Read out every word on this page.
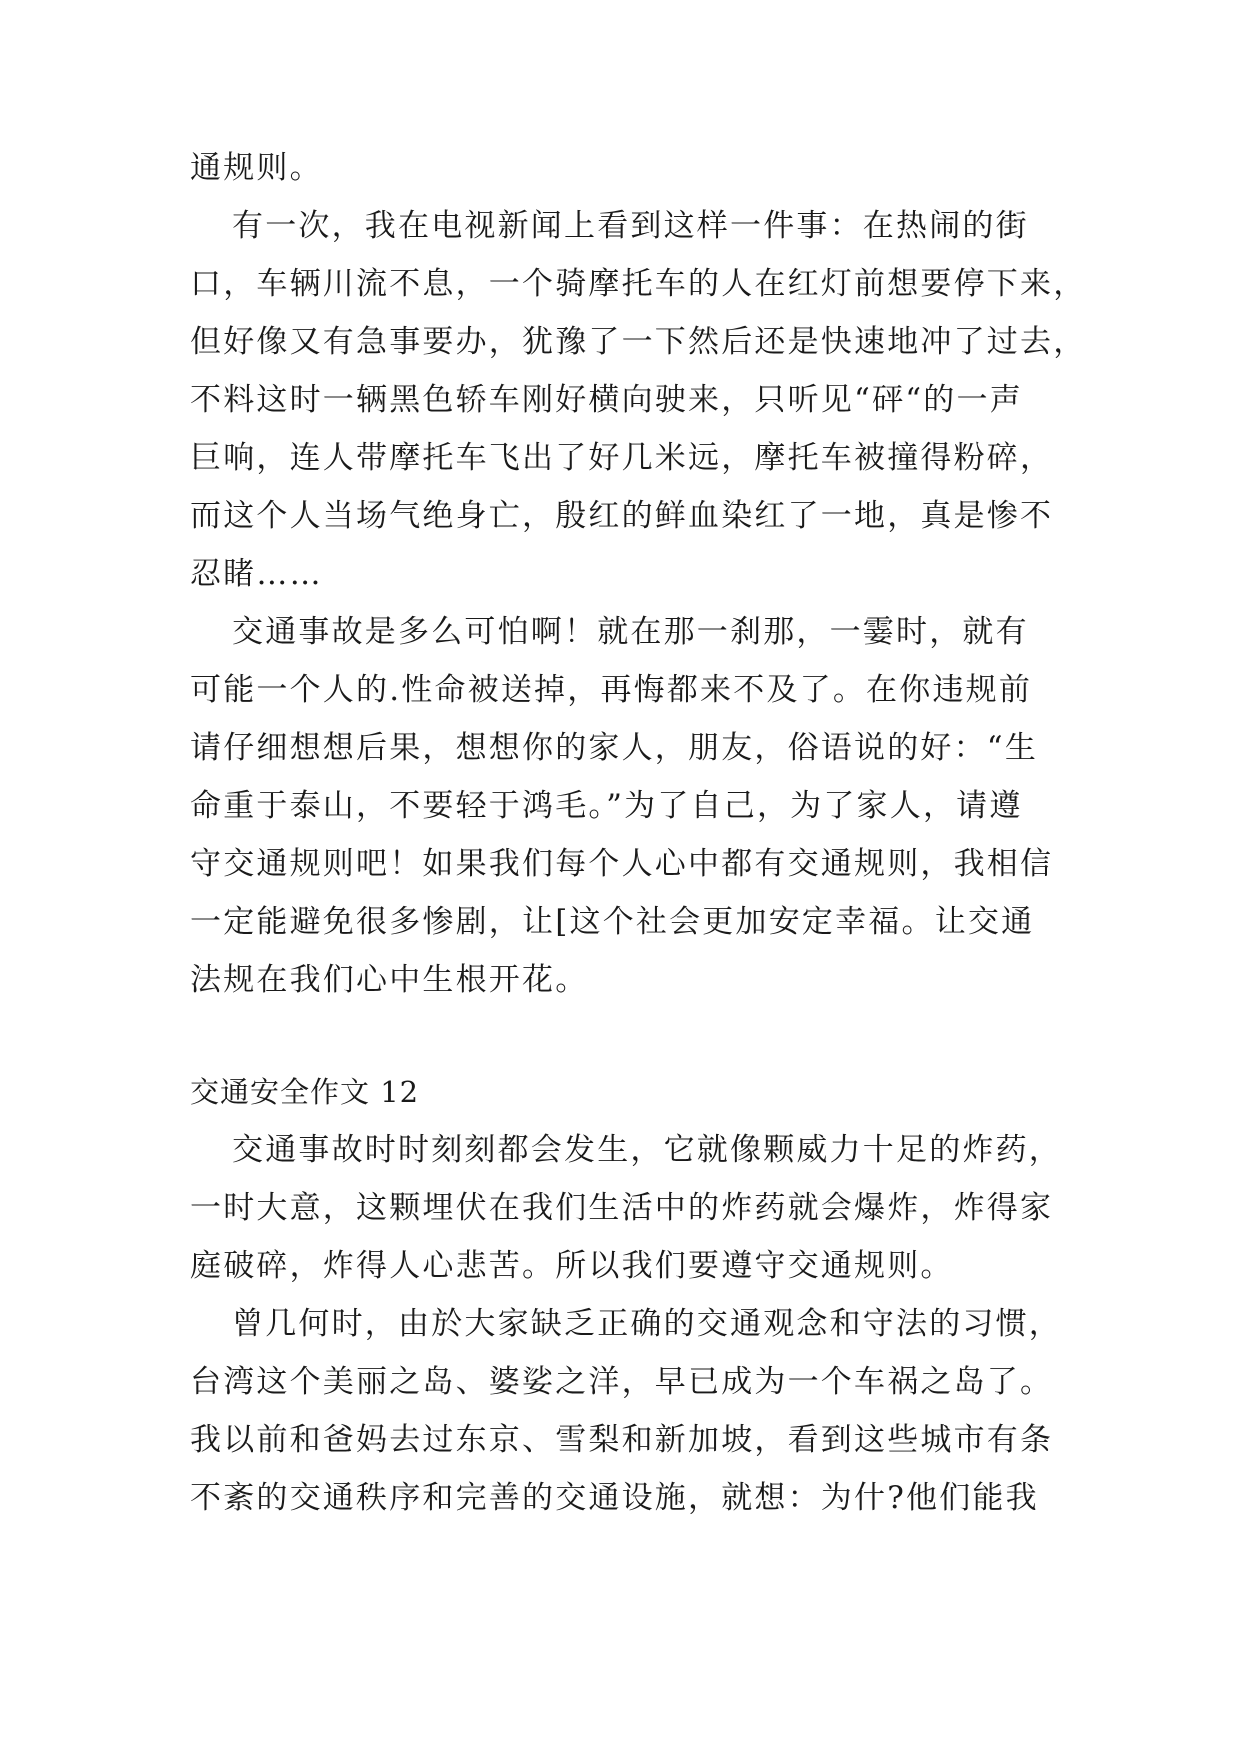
通规则。
有一次，我在电视新闻上看到这样一件事：在热闹的街
口，车辆川流不息，一个骑摩托车的人在红灯前想要停下来，
但好像又有急事要办，犹豫了一下然后还是快速地冲了过去，
不料这时一辆黑色轿车刚好横向驶来，只听见“砰“的一声
巨响，连人带摩托车飞出了好几米远，摩托车被撞得粉碎，
而这个人当场气绝身亡，殷红的鲜血染红了一地，真是惨不
忍睹……
交通事故是多么可怕啊！就在那一刹那，一霎时，就有
可能一个人的.性命被送掉，再悔都来不及了。在你违规前
请仔细想想后果，想想你的家人，朋友，俗语说的好：“生
命重于泰山，不要轻于鸿毛。”为了自己，为了家人，请遵
守交通规则吧！如果我们每个人心中都有交通规则，我相信
一定能避免很多惨剧，让[这个社会更加安定幸福。让交通
法规在我们心中生根开花。
交通安全作文 12
交通事故时时刻刻都会发生，它就像颗威力十足的炸药，
一时大意，这颗埋伏在我们生活中的炸药就会爆炸，炸得家
庭破碎，炸得人心悲苦。所以我们要遵守交通规则。
曾几何时，由於大家缺乏正确的交通观念和守法的习惯，
台湾这个美丽之岛、婆娑之洋，早已成为一个车祸之岛了。
我以前和爸妈去过东京、雪梨和新加坡，看到这些城市有条
不紊的交通秩序和完善的交通设施，就想：为什?他们能我
